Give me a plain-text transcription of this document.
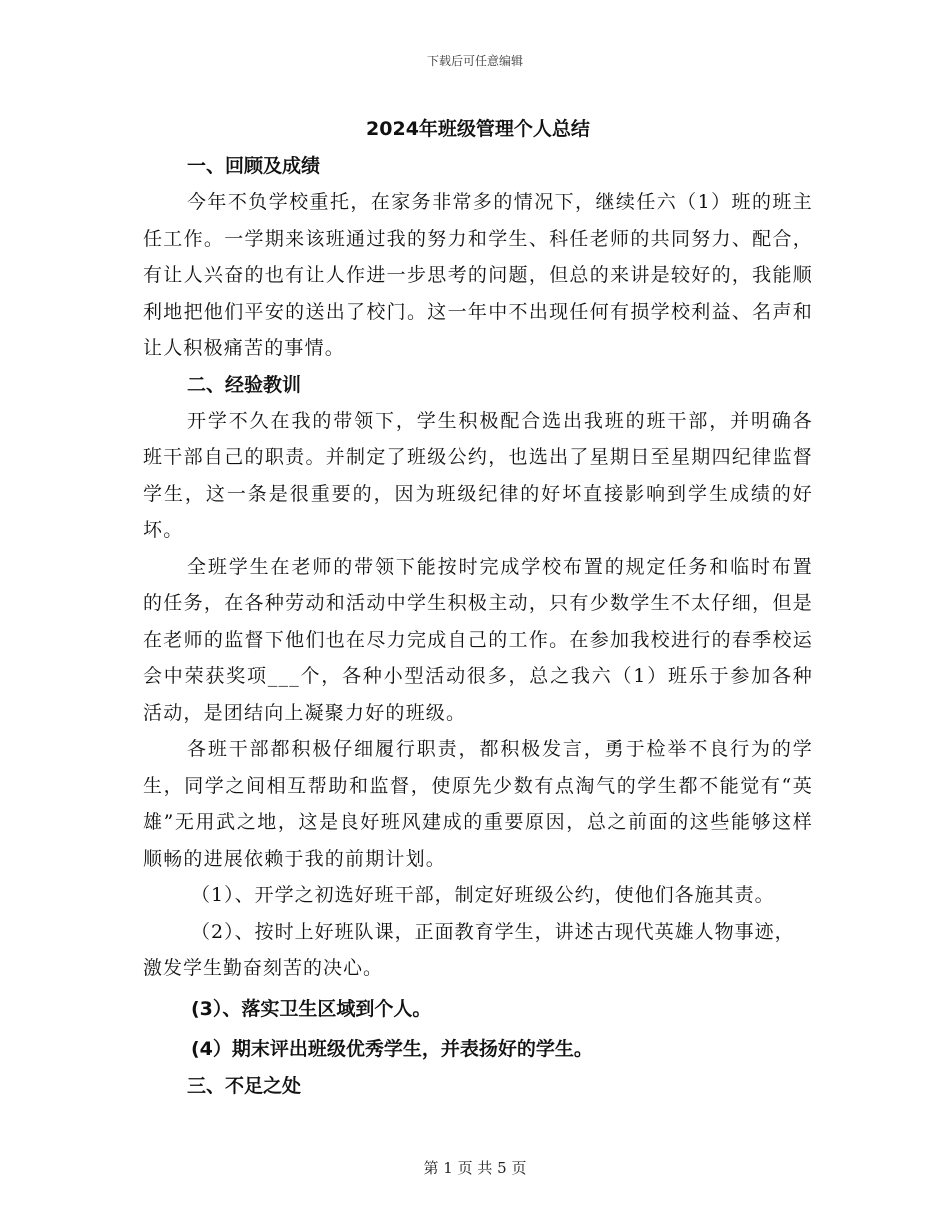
下载后可任意编辑
2024年班级管理个人总结
一、回顾及成绩

今年不负学校重托，在家务非常多的情况下，继续任六（1）班的班主任工作。一学期来该班通过我的努力和学生、科任老师的共同努力、配合，有让人兴奋的也有让人作进一步思考的问题，但总的来讲是较好的，我能顺利地把他们平安的送出了校门。这一年中不出现任何有损学校利益、名声和让人积极痛苦的事情。

二、经验教训

开学不久在我的带领下，学生积极配合选出我班的班干部，并明确各班干部自己的职责。并制定了班级公约，也选出了星期日至星期四纪律监督学生，这一条是很重要的，因为班级纪律的好坏直接影响到学生成绩的好坏。

全班学生在老师的带领下能按时完成学校布置的规定任务和临时布置的任务，在各种劳动和活动中学生积极主动，只有少数学生不太仔细，但是在老师的监督下他们也在尽力完成自己的工作。在参加我校进行的春季校运会中荣获奖项___个，各种小型活动很多，总之我六（1）班乐于参加各种活动，是团结向上凝聚力好的班级。

各班干部都积极仔细履行职责，都积极发言，勇于检举不良行为的学生，同学之间相互帮助和监督，使原先少数有点淘气的学生都不能觉有“英雄”无用武之地，这是良好班风建成的重要原因，总之前面的这些能够这样顺畅的进展依赖于我的前期计划。

（1）、开学之初选好班干部，制定好班级公约，使他们各施其责。

（2）、按时上好班队课，正面教育学生，讲述古现代英雄人物事迹，激发学生勤奋刻苦的决心。

(3）、落实卫生区域到个人。

(4）期末评出班级优秀学生，并表扬好的学生。

三、不足之处
第 1 页 共 5 页
